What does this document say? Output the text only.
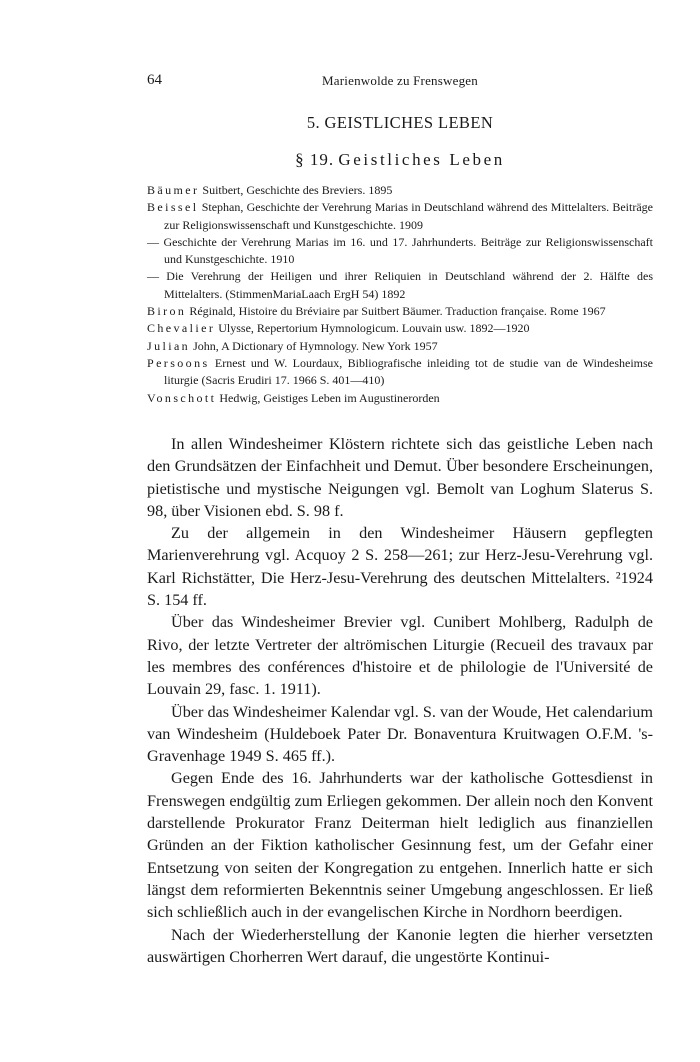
64	Marienwolde zu Frenswegen
5. GEISTLICHES LEBEN
§ 19. Geistliches Leben
Bäumer Suitbert, Geschichte des Breviers. 1895
Beissel Stephan, Geschichte der Verehrung Marias in Deutschland während des Mittelalters. Beiträge zur Religionswissenschaft und Kunstgeschichte. 1909
— Geschichte der Verehrung Marias im 16. und 17. Jahrhunderts. Beiträge zur Religionswissenschaft und Kunstgeschichte. 1910
— Die Verehrung der Heiligen und ihrer Reliquien in Deutschland während der 2. Hälfte des Mittelalters. (StimmenMariaLaach ErgH 54) 1892
Biron Réginald, Histoire du Bréviaire par Suitbert Bäumer. Traduction française. Rome 1967
Chevalier Ulysse, Repertorium Hymnologicum. Louvain usw. 1892—1920
Julian John, A Dictionary of Hymnology. New York 1957
Persoons Ernest und W. Lourdaux, Bibliografische inleiding tot de studie van de Windesheimse liturgie (Sacris Erudiri 17. 1966 S. 401—410)
Vonschott Hedwig, Geistiges Leben im Augustinerorden

In allen Windesheimer Klöstern richtete sich das geistliche Leben nach den Grundsätzen der Einfachheit und Demut. Über besondere Erscheinungen, pietistische und mystische Neigungen vgl. Bemolt van Loghum Slaterus S. 98, über Visionen ebd. S. 98 f.

Zu der allgemein in den Windesheimer Häusern gepflegten Marienverehrung vgl. Acquoy 2 S. 258—261; zur Herz-Jesu-Verehrung vgl. Karl Richstätter, Die Herz-Jesu-Verehrung des deutschen Mittelalters. ²1924 S. 154 ff.

Über das Windesheimer Brevier vgl. Cunibert Mohlberg, Radulph de Rivo, der letzte Vertreter der altrömischen Liturgie (Recueil des travaux par les membres des conférences d'histoire et de philologie de l'Université de Louvain 29, fasc. 1. 1911).

Über das Windesheimer Kalendar vgl. S. van der Woude, Het calendarium van Windesheim (Huldeboek Pater Dr. Bonaventura Kruitwagen O.F.M. 's-Gravenhage 1949 S. 465 ff.).

Gegen Ende des 16. Jahrhunderts war der katholische Gottesdienst in Frenswegen endgültig zum Erliegen gekommen. Der allein noch den Konvent darstellende Prokurator Franz Deiterman hielt lediglich aus finanziellen Gründen an der Fiktion katholischer Gesinnung fest, um der Gefahr einer Entsetzung von seiten der Kongregation zu entgehen. Innerlich hatte er sich längst dem reformierten Bekenntnis seiner Umgebung angeschlossen. Er ließ sich schließlich auch in der evangelischen Kirche in Nordhorn beerdigen.

Nach der Wiederherstellung der Kanonie legten die hierher versetzten auswärtigen Chorherren Wert darauf, die ungestörte Kontinui-
